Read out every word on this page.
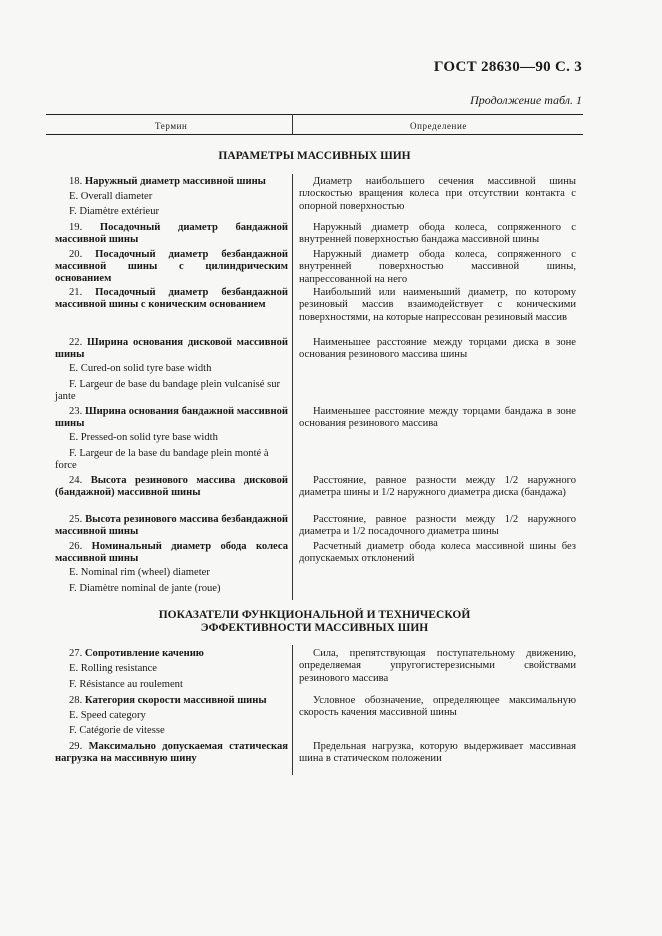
ГОСТ 28630—90 С. 3
Продолжение табл. 1
Термин	Определение
ПАРАМЕТРЫ МАССИВНЫХ ШИН
18. Наружный диаметр массивной шины
E. Overall diameter
F. Diamètre extérieur

Диаметр наибольшего сечения массивной шины плоскостью вращения колеса при отсутствии контакта с опорной поверхностью

19. Посадочный диаметр бандажной массивной шины

Наружный диаметр обода колеса, сопряженного с внутренней поверхностью бандажа массивной шины

20. Посадочный диаметр безбандажной массивной шины с цилиндрическим основанием

Наружный диаметр обода колеса, сопряженного с внутренней поверхностью массивной шины, напрессованной на него

21. Посадочный диаметр безбандажной массивной шины с коническим основанием

Наибольший или наименьший диаметр, по которому резиновый массив взаимодействует с коническими поверхностями, на которые напрессован резиновый массив

22. Ширина основания дисковой массивной шины

E. Cured-on solid tyre base width

F. Largeur de base du bandage plein vulcanisé sur jante

Наименьшее расстояние между торцами диска в зоне основания резинового массива шины

23. Ширина основания бандажной массивной шины

E. Pressed-on solid tyre base width

F. Largeur de la base du bandage plein monté à force

Наименьшее расстояние между торцами бандажа в зоне основания резинового массива

24. Высота резинового массива дисковой (бандажной) массивной шины

Расстояние, равное разности между 1/2 наружного диаметра шины и 1/2 наружного диаметра диска (бандажа)

25. Высота резинового массива безбандажной массивной шины

Расстояние, равное разности между 1/2 наружного диаметра и 1/2 посадочного диаметра шины

26. Номинальный диаметр обода колеса массивной шины

E. Nominal rim (wheel) diameter
F. Diamètre nominal de jante (roue)

Расчетный диаметр обода колеса массивной шины без допускаемых отклонений

ПОКАЗАТЕЛИ ФУНКЦИОНАЛЬНОЙ И ТЕХНИЧЕСКОЙ
ЭФФЕКТИВНОСТИ МАССИВНЫХ ШИН
27. Сопротивление качению
E. Rolling resistance
F. Résistance au roulement

Сила, препятствующая поступательному движению, определяемая упругогистерезисными свойствами резинового массива

28. Категория скорости массивной шины
E. Speed category
F. Catégorie de vitesse

Условное обозначение, определяющее максимальную скорость качения массивной шины

29. Максимально допускаемая статическая нагрузка на массивную шину

Предельная нагрузка, которую выдерживает массивная шина в статическом положении
